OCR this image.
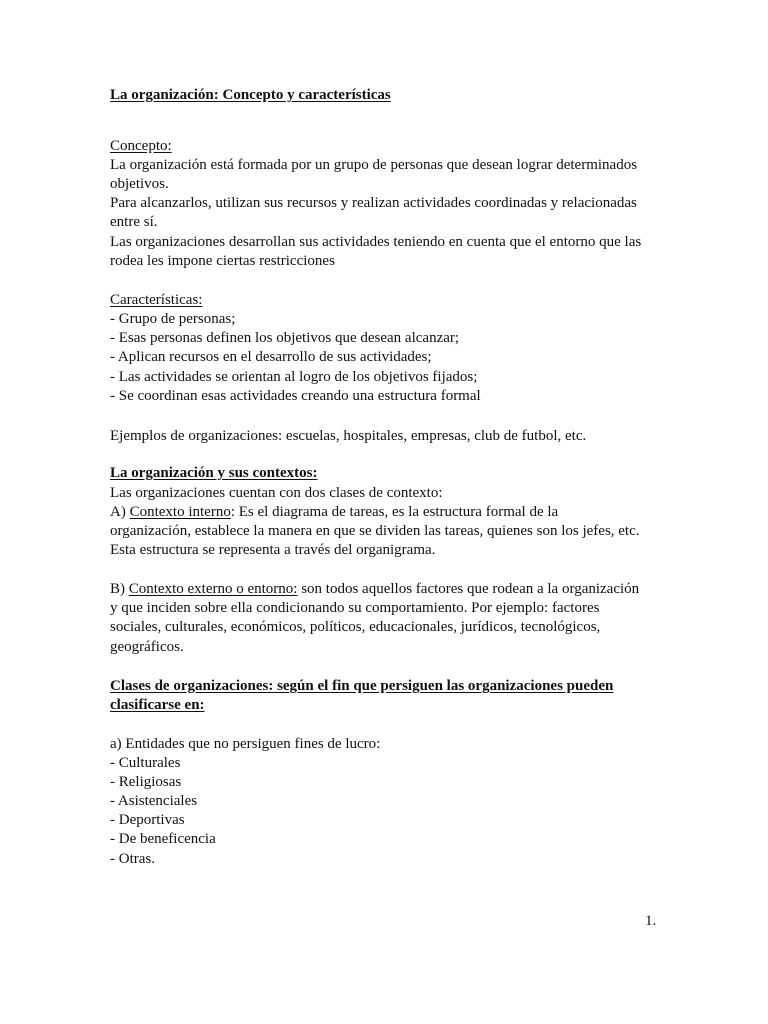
La organización: Concepto y características

Concepto:

La organización está formada por un grupo de personas que desean lograr determinados

objetivos.

Para alcanzarlos, utilizan sus recursos y realizan actividades coordinadas y relacionadas

entre sí.

Las organizaciones desarrollan sus actividades teniendo en cuenta que el entorno que las

rodea les impone ciertas restricciones

Características:

- Grupo de personas;

- Esas personas definen los objetivos que desean alcanzar;

- Aplican recursos en el desarrollo de sus actividades;

- Las actividades se orientan al logro de los objetivos fijados;

- Se coordinan esas actividades creando una estructura formal

Ejemplos de organizaciones: escuelas, hospitales, empresas, club de futbol, etc.

La organización y sus contextos:

Las organizaciones cuentan con dos clases de contexto:

A) Contexto interno: Es el diagrama de tareas, es la estructura formal de la

organización, establece la manera en que se dividen las tareas, quienes son los jefes, etc.

Esta estructura se representa a través del organigrama.

B) Contexto externo o entorno: son todos aquellos factores que rodean a la organización

y que inciden sobre ella condicionando su comportamiento. Por ejemplo: factores

sociales, culturales, económicos, políticos, educacionales, jurídicos, tecnológicos,

geográficos.

Clases de organizaciones: según el fin que persiguen las organizaciones pueden

clasificarse en:

a) Entidades que no persiguen fines de lucro:

- Culturales

- Religiosas

- Asistenciales

- Deportivas

- De beneficencia

- Otras.

1.
